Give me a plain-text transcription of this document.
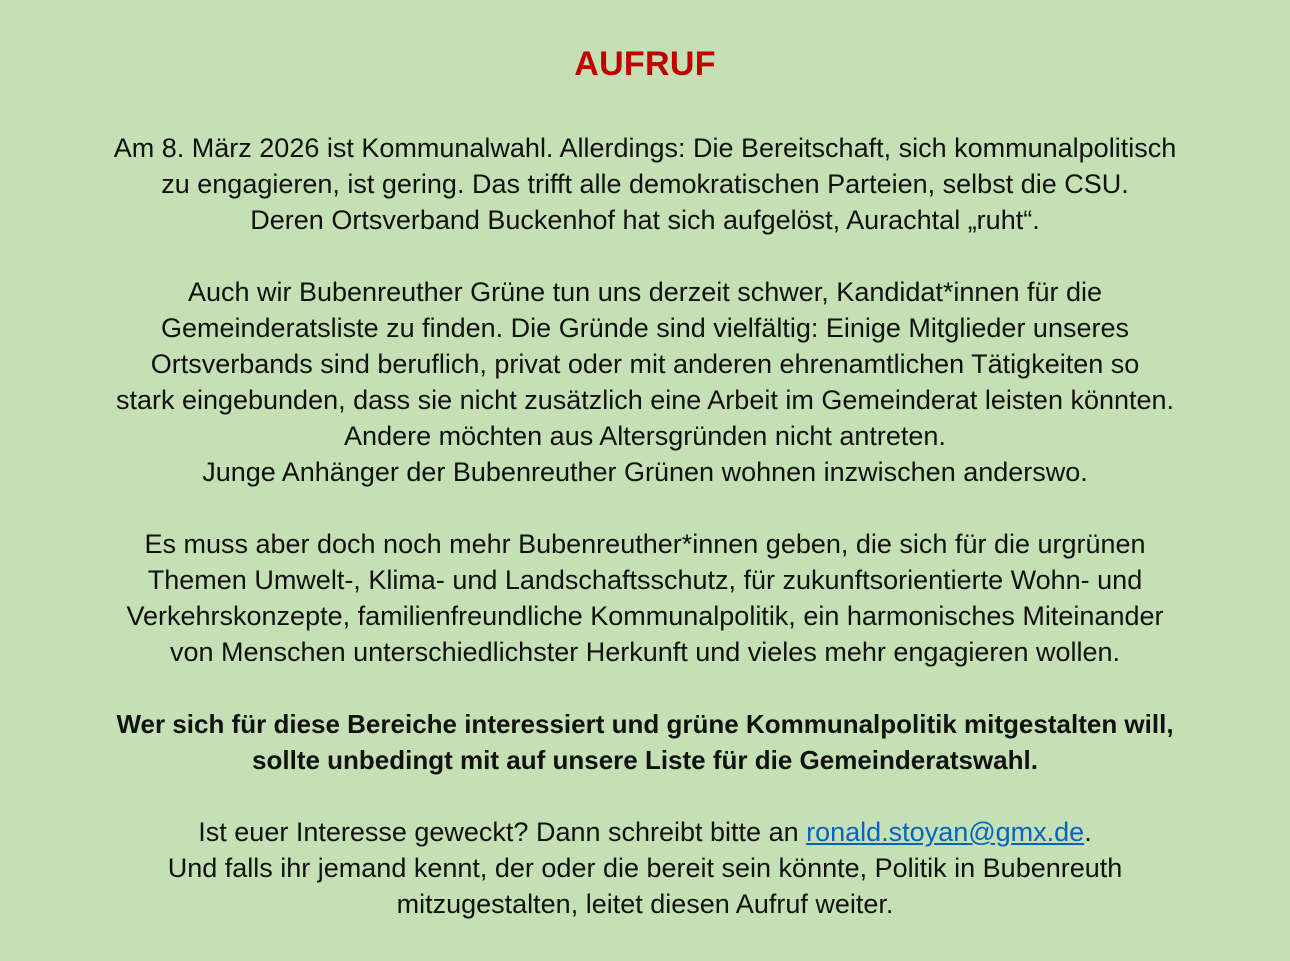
AUFRUF
Am 8. März 2026 ist Kommunalwahl. Allerdings: Die Bereitschaft, sich kommunalpolitisch
zu engagieren, ist gering. Das trifft alle demokratischen Parteien, selbst die CSU.
Deren Ortsverband Buckenhof hat sich aufgelöst, Aurachtal „ruht“.
Auch wir Bubenreuther Grüne tun uns derzeit schwer, Kandidat*innen für die
Gemeinderatsliste zu finden. Die Gründe sind vielfältig: Einige Mitglieder unseres
Ortsverbands sind beruflich, privat oder mit anderen ehrenamtlichen Tätigkeiten so
stark eingebunden, dass sie nicht zusätzlich eine Arbeit im Gemeinderat leisten könnten.
Andere möchten aus Altersgründen nicht antreten.
Junge Anhänger der Bubenreuther Grünen wohnen inzwischen anderswo.
Es muss aber doch noch mehr Bubenreuther*innen geben, die sich für die urgrünen
Themen Umwelt-, Klima- und Landschaftsschutz, für zukunftsorientierte Wohn- und
Verkehrskonzepte, familienfreundliche Kommunalpolitik, ein harmonisches Miteinander
von Menschen unterschiedlichster Herkunft und vieles mehr engagieren wollen.
Wer sich für diese Bereiche interessiert und grüne Kommunalpolitik mitgestalten will,
sollte unbedingt mit auf unsere Liste für die Gemeinderatswahl.
Ist euer Interesse geweckt? Dann schreibt bitte an ronald.stoyan@gmx.de.
Und falls ihr jemand kennt, der oder die bereit sein könnte, Politik in Bubenreuth
mitzugestalten, leitet diesen Aufruf weiter.
